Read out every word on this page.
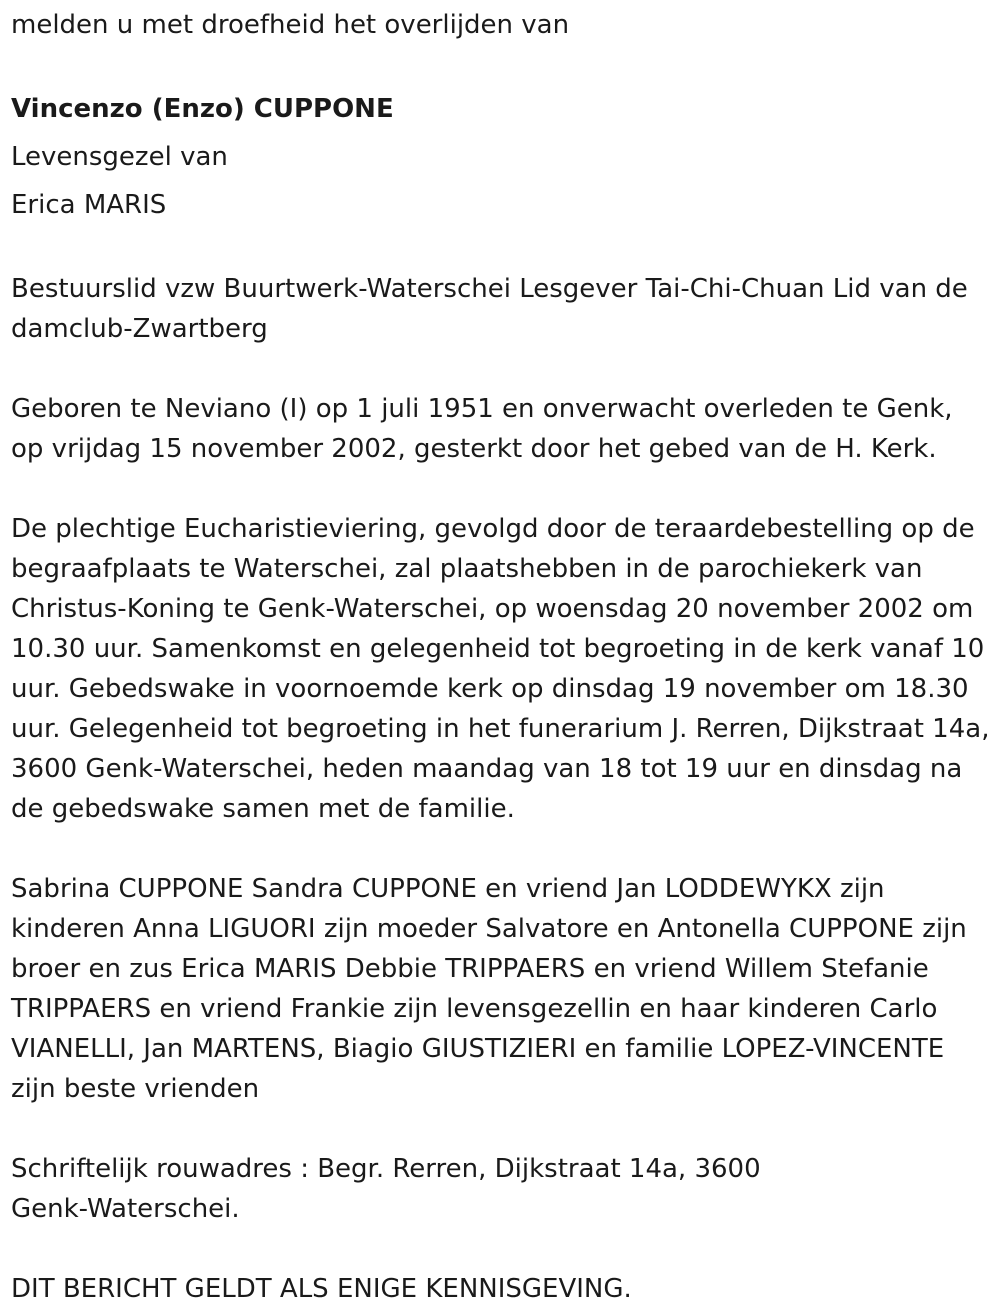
melden u met droefheid het overlijden van

Vincenzo (Enzo) CUPPONE

Levensgezel van

Erica MARIS

Bestuurslid vzw Buurtwerk-Waterschei Lesgever Tai-Chi-Chuan Lid van de damclub-Zwartberg

Geboren te Neviano (I) op 1 juli 1951 en onverwacht overleden te Genk, op vrijdag 15 november 2002, gesterkt door het gebed van de H. Kerk.

De plechtige Eucharistieviering, gevolgd door de teraardebestelling op de begraafplaats te Waterschei, zal plaatshebben in de parochiekerk van Christus-Koning te Genk-Waterschei, op woensdag 20 november 2002 om 10.30 uur. Samenkomst en gelegenheid tot begroeting in de kerk vanaf 10 uur. Gebedswake in voornoemde kerk op dinsdag 19 november om 18.30 uur. Gelegenheid tot begroeting in het funerarium J. Rerren, Dijkstraat 14a, 3600 Genk-Waterschei, heden maandag van 18 tot 19 uur en dinsdag na de gebedswake samen met de familie.

Sabrina CUPPONE Sandra CUPPONE en vriend Jan LODDEWYKX zijn kinderen Anna LIGUORI zijn moeder Salvatore en Antonella CUPPONE zijn broer en zus Erica MARIS Debbie TRIPPAERS en vriend Willem Stefanie TRIPPAERS en vriend Frankie zijn levensgezellin en haar kinderen Carlo VIANELLI, Jan MARTENS, Biagio GIUSTIZIERI en familie LOPEZ-VINCENTE zijn beste vrienden

Schriftelijk rouwadres : Begr. Rerren, Dijkstraat 14a, 3600

Genk-Waterschei.

DIT BERICHT GELDT ALS ENIGE KENNISGEVING.
